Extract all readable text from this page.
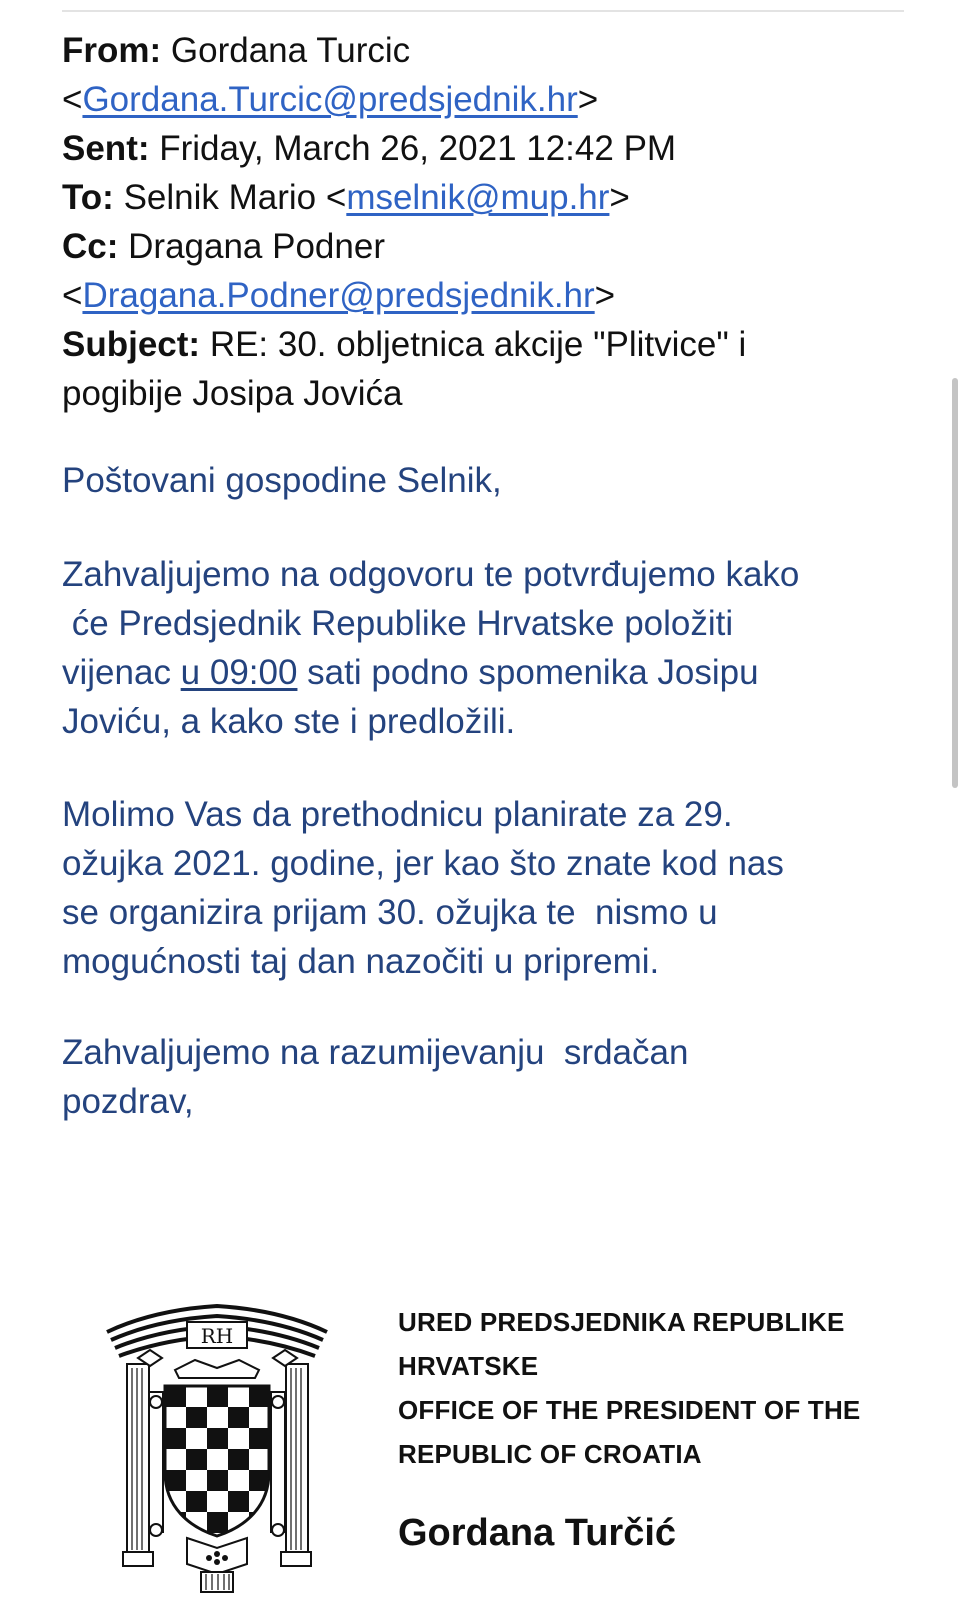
From: Gordana Turcic
<Gordana.Turcic@predsjednik.hr>
Sent: Friday, March 26, 2021 12:42 PM
To: Selnik Mario <mselnik@mup.hr>
Cc: Dragana Podner
<Dragana.Podner@predsjednik.hr>
Subject: RE: 30. obljetnica akcije "Plitvice" i
pogibije Josipa Jovića

Poštovani gospodine Selnik,

Zahvaljujemo na odgovoru te potvrđujemo kako

će Predsjednik Republike Hrvatske položiti

vijenac u 09:00 sati podno spomenika Josipu

Joviću, a kako ste i predložili.

Molimo Vas da prethodnicu planirate za 29.

ožujka 2021. godine, jer kao što znate kod nas

se organizira prijam 30. ožujka te  nismo u

mogućnosti taj dan nazočiti u pripremi.

Zahvaljujemo na razumijevanju  srdačan

pozdrav,

RH	URED PREDSJEDNIKA REPUBLIKE
HRVATSKE
OFFICE OF THE PRESIDENT OF THE
REPUBLIC OF CROATIA
Gordana Turčić
